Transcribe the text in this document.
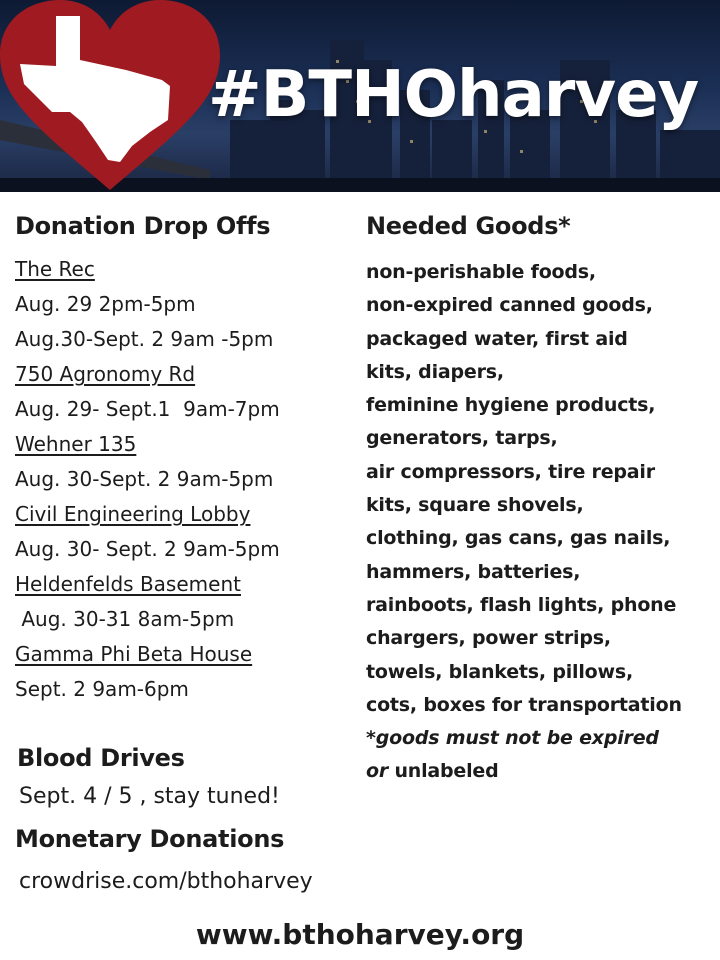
#BTHOharvey
Donation Drop Offs
The Rec
Aug. 29 2pm-5pm
Aug.30-Sept. 2 9am -5pm
750 Agronomy Rd
Aug. 29- Sept.1  9am-7pm
Wehner 135
Aug. 30-Sept. 2 9am-5pm
Civil Engineering Lobby
Aug. 30- Sept. 2 9am-5pm
Heldenfelds Basement
Aug. 30-31 8am-5pm
Gamma Phi Beta House
Sept. 2 9am-6pm
Needed Goods*
non-perishable foods,
non-expired canned goods,
packaged water, first aid
kits, diapers,
feminine hygiene products,
generators, tarps,
air compressors, tire repair
kits, square shovels,
clothing, gas cans, gas nails,
hammers, batteries,
rainboots, flash lights, phone
chargers, power strips,
towels, blankets, pillows,
cots, boxes for transportation
*goods must not be expired
or unlabeled
Blood Drives
Sept. 4 / 5 , stay tuned!
Monetary Donations
crowdrise.com/bthoharvey
www.bthoharvey.org
